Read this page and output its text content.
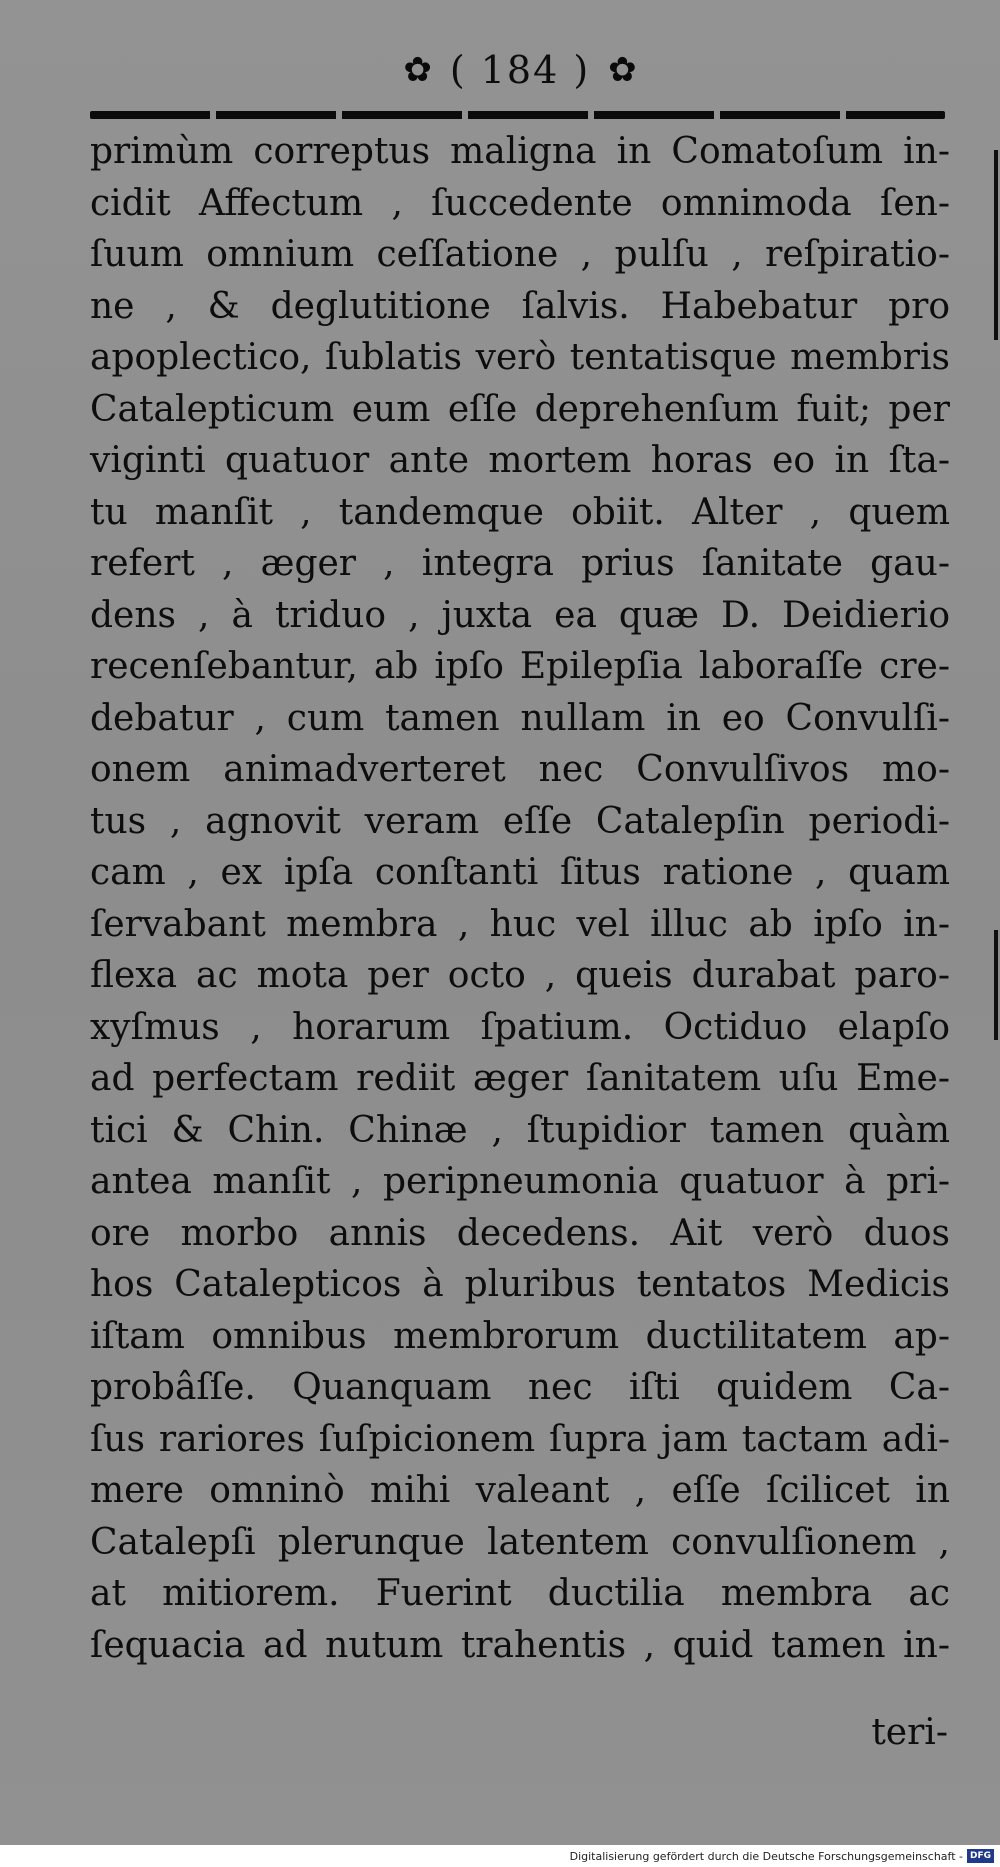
✿ ( 184 ) ✿
primùm correptus maligna in Comatoſum in-
cidit Affectum , ſuccedente omnimoda ſen-
ſuum omnium ceſſatione , pulſu , reſpiratio-
ne , & deglutitione ſalvis. Habebatur pro
apoplecticо, ſublatis verò tentatisque membris
Catalepticum eum eſſe deprehenſum fuit; per
viginti quatuor ante mortem horas eo in ſta-
tu manſit , tandemque obiit. Alter , quem
refert , æger , integra prius ſanitate gau-
dens , à triduo , juxta ea quæ D. Deidierio
recenſebantur, ab ipſo Epilepſia laboraſſe cre-
debatur , cum tamen nullam in eo Convulſi-
onem animadverteret nec Convulſivos mo-
tus , agnovit veram eſſe Catalepſin periodi-
cam , ex ipſa conſtanti ſitus ratione , quam
ſervabant membra , huc vel illuc ab ipſo in-
flexa ac mota per octo , queis durabat paro-
xyſmus , horarum ſpatium. Octiduo elapſo
ad perfectam rediit æger ſanitatem uſu Eme-
tici & Chin. Chinæ , ſtupidior tamen quàm
antea manſit , peripneumonia quatuor à pri-
ore morbo annis decedens. Ait verò duos
hos Catalepticos à pluribus tentatos Medicis
iſtam omnibus membrorum ductilitatem ap-
probâſſe. Quanquam nec iſti quidem Ca-
ſus rariores ſuſpicionem ſupra jam tactam adi-
mere omninò mihi valeant , eſſe ſcilicet in
Catalepſi plerunque latentem convulſionem ,
at mitiorem. Fuerint ductilia membra ac
ſequacia ad nutum trahentis , quid tamen in-
teri-
Digitalisierung gefördert durch die Deutsche Forschungsgemeinschaft - DFG
